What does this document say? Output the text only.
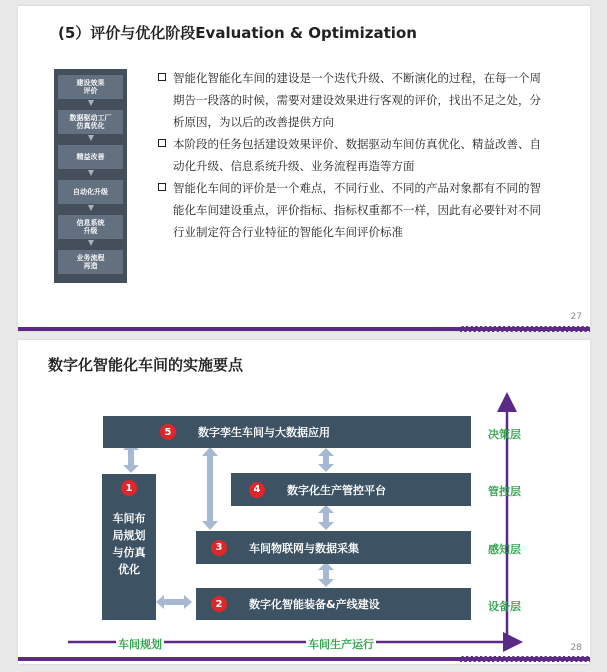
(5）评价与优化阶段Evaluation & Optimization
建设效果
评价
数据驱动工厂
仿真优化
精益改善
自动化升级
信息系统
升级
业务流程
再造
智能化智能化车间的建设是一个迭代升级、不断演化的过程，在每一个周期告一段落的时候，需要对建设效果进行客观的评价，找出不足之处，分析原因，为以后的改善提供方向
本阶段的任务包括建设效果评价、数据驱动车间仿真优化、精益改善、自动化升级、信息系统升级、业务流程再造等方面
智能化车间的评价是一个难点，不同行业、不同的产品对象都有不同的智能化车间建设重点，评价指标、指标权重都不一样，因此有必要针对不同行业制定符合行业特征的智能化车间评价标准
27
数字化智能化车间的实施要点
5	数字孪生车间与大数据应用
4	数字化生产管控平台
3	车间物联网与数据采集
2	数字化智能装备&产线建设
1
车间布
局规划
与仿真
优化
决策层
管控层
感知层
设备层
车间规划	车间生产运行	28
